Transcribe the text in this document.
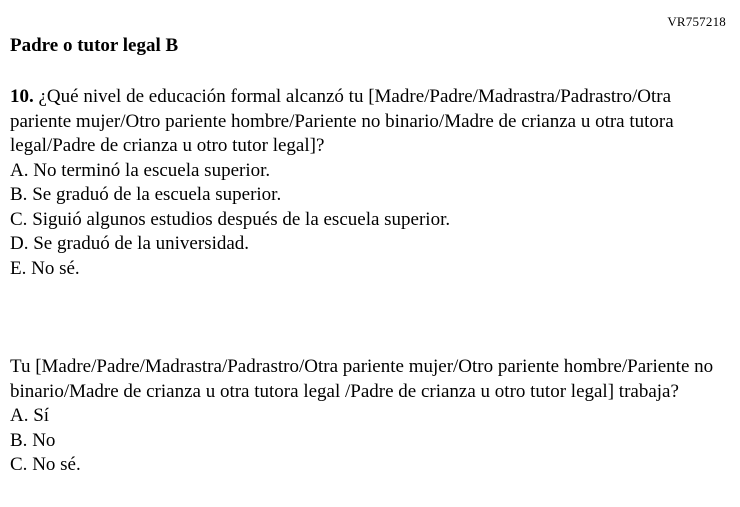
VR757218
Padre o tutor legal B
10. ¿Qué nivel de educación formal alcanzó tu [Madre/Padre/Madrastra/Padrastro/Otra pariente mujer/Otro pariente hombre/Pariente no binario/Madre de crianza u otra tutora legal/Padre de crianza u otro tutor legal]?
A. No terminó la escuela superior.
B. Se graduó de la escuela superior.
C. Siguió algunos estudios después de la escuela superior.
D. Se graduó de la universidad.
E. No sé.
Tu [Madre/Padre/Madrastra/Padrastro/Otra pariente mujer/Otro pariente hombre/Pariente no binario/Madre de crianza u otra tutora legal /Padre de crianza u otro tutor legal] trabaja?
A. Sí
B. No
C. No sé.
